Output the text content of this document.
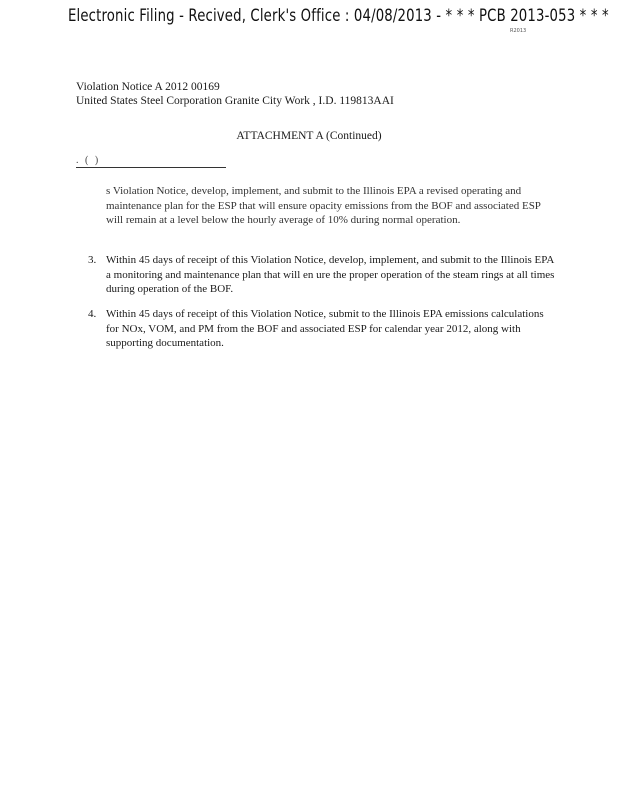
Electronic Filing - Recived, Clerk's Office : 04/08/2013 - * * * PCB 2013-053 * * *
R2013
Violation Notice A 2012 00169
United States Steel Corporation Granite City Work , I.D. 119813AAI
ATTACHMENT A (Continued)
. ( )
s Violation Notice, develop, implement, and submit to the Illinois EPA a revised operating and maintenance plan for the ESP that will ensure opacity emissions from the BOF and associated ESP will remain at a level below the hourly average of 10% during normal operation.
3. Within 45 days of receipt of this Violation Notice, develop, implement, and submit to the Illinois EPA a monitoring and maintenance plan that will en ure the proper operation of the steam rings at all times during operation of the BOF.
4. Within 45 days of receipt of this Violation Notice, submit to the Illinois EPA emissions calculations for NOx, VOM, and PM from the BOF and associated ESP for calendar year 2012, along with supporting documentation.
